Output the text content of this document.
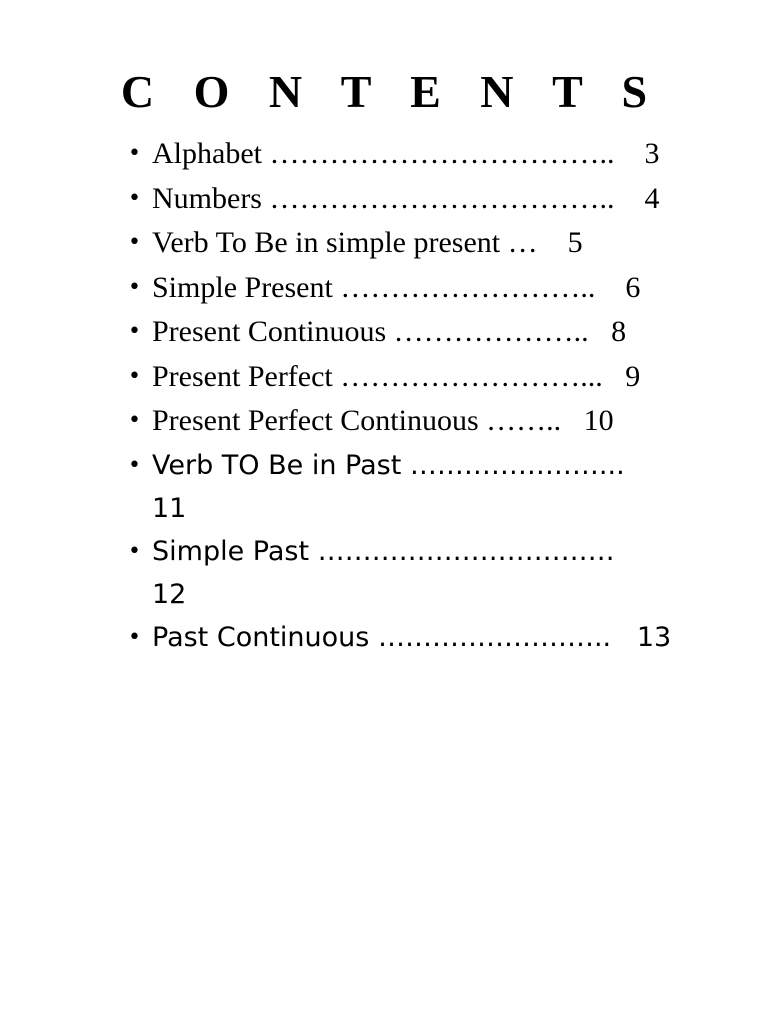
C O N T E N T S
• Alphabet …………………………….. 3
• Numbers …………………………….. 4
• Verb To Be in simple present … 5
• Simple Present …………………….. 6
• Present Continuous ……………….. 8
• Present Perfect ……………………... 9
• Present Perfect Continuous …….. 10
• Verb TO Be in Past …………………... 11
• Simple Past …………………………… 12
• Past Continuous …………………….. 13
